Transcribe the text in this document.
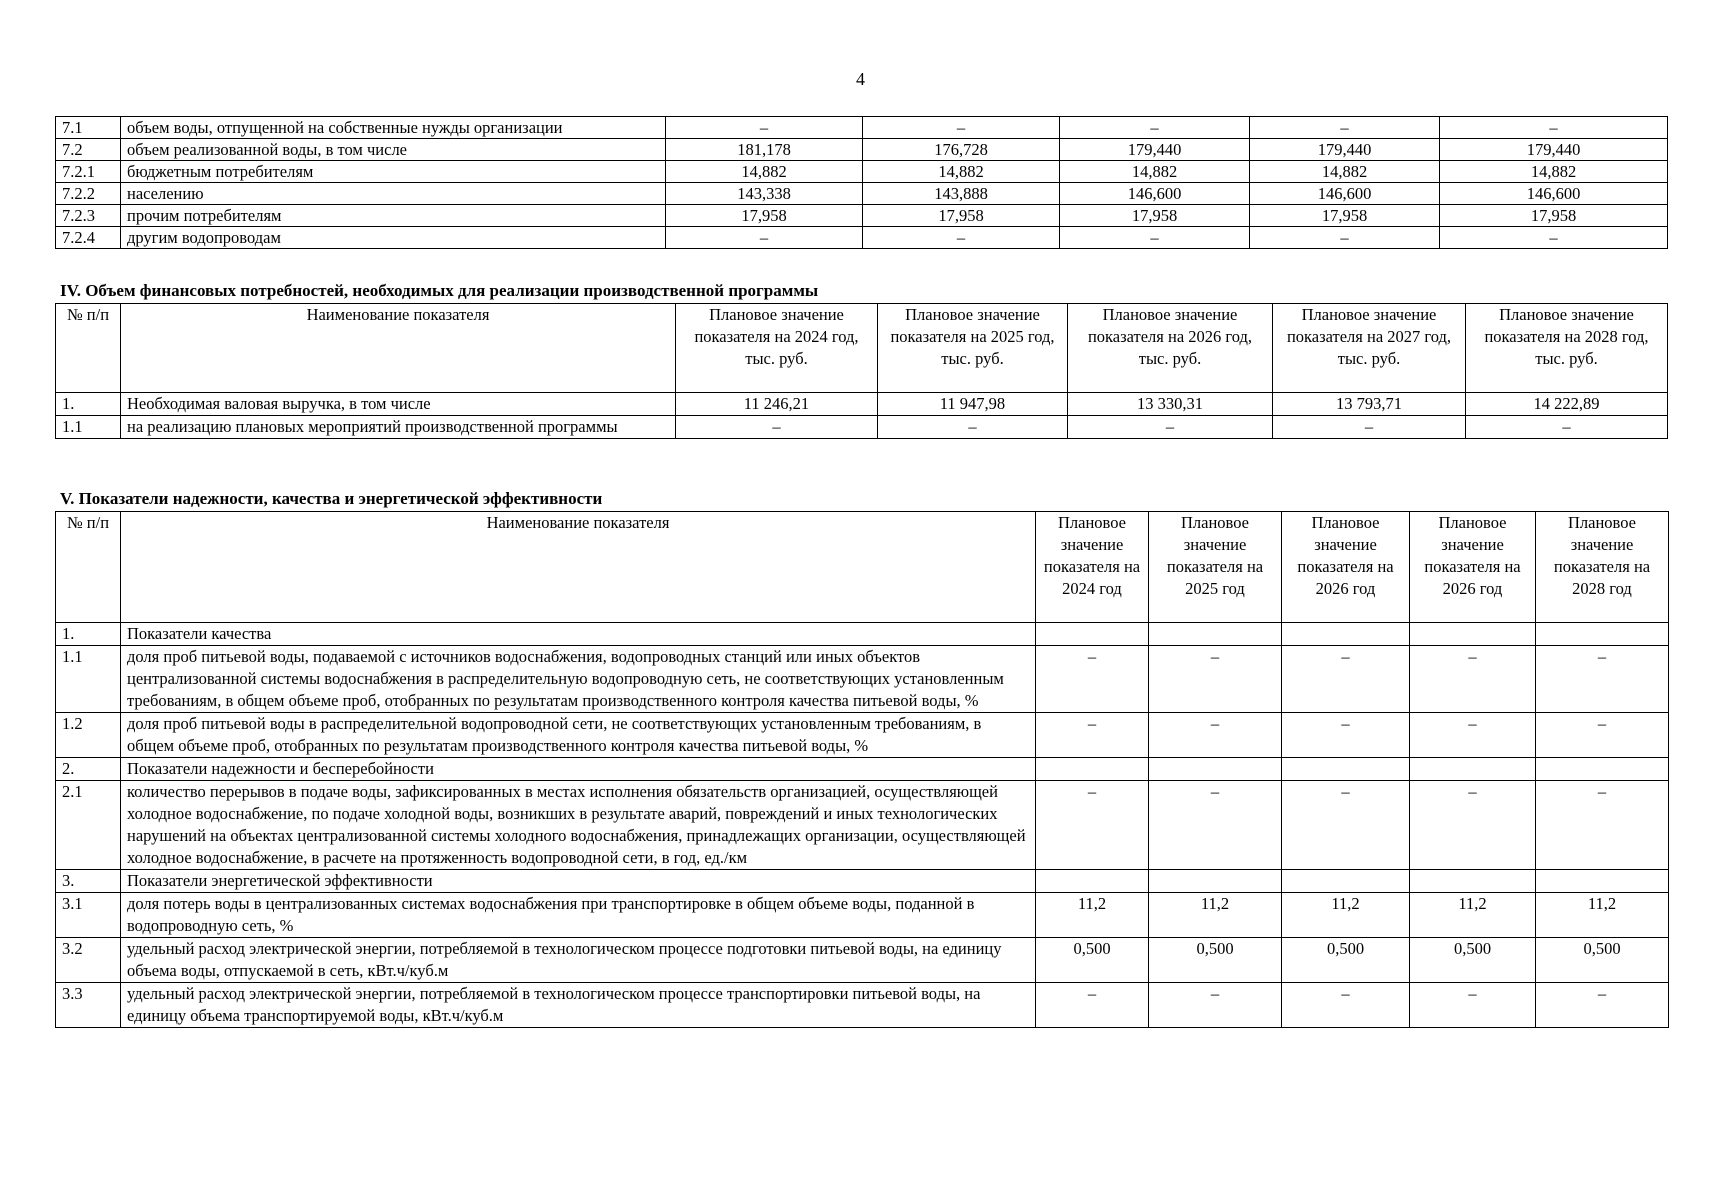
4
7.1	объем воды, отпущенной на собственные нужды организации	–	–	–	–	–
7.2	объем реализованной воды, в том числе	181,178	176,728	179,440	179,440	179,440
7.2.1	бюджетным потребителям	14,882	14,882	14,882	14,882	14,882
7.2.2	населению	143,338	143,888	146,600	146,600	146,600
7.2.3	прочим потребителям	17,958	17,958	17,958	17,958	17,958
7.2.4	другим водопроводам	–	–	–	–	–
IV. Объем финансовых потребностей, необходимых для реализации производственной программы
№ п/п	Наименование показателя	Плановое значение показателя на 2024 год, тыс. руб.	Плановое значение показателя на 2025 год, тыс. руб.	Плановое значение показателя на 2026 год, тыс. руб.	Плановое значение показателя на 2027 год, тыс. руб.	Плановое значение показателя на 2028 год, тыс. руб.
1.	Необходимая валовая выручка, в том числе	11 246,21	11 947,98	13 330,31	13 793,71	14 222,89
1.1	на реализацию плановых мероприятий производственной программы	–	–	–	–	–
V. Показатели надежности, качества и энергетической эффективности
№ п/п	Наименование показателя	Плановое значение показателя на 2024 год	Плановое значение показателя на 2025 год	Плановое значение показателя на 2026 год	Плановое значение показателя на 2026 год	Плановое значение показателя на 2028 год
1.	Показатели качества					
1.1	доля проб питьевой воды, подаваемой с источников водоснабжения, водопроводных станций или иных объектов централизованной системы водоснабжения в распределительную водопроводную сеть, не соответствующих установленным требованиям, в общем объеме проб, отобранных по результатам производственного контроля качества питьевой воды, %	–	–	–	–	–
1.2	доля проб питьевой воды в распределительной водопроводной сети, не соответствующих установленным требованиям, в общем объеме проб, отобранных по результатам производственного контроля качества питьевой воды, %	–	–	–	–	–
2.	Показатели надежности и бесперебойности					
2.1	количество перерывов в подаче воды, зафиксированных в местах исполнения обязательств организацией, осуществляющей холодное водоснабжение, по подаче холодной воды, возникших в результате аварий, повреждений и иных технологических нарушений на объектах централизованной системы холодного водоснабжения, принадлежащих организации, осуществляющей холодное водоснабжение, в расчете на протяженность водопроводной сети, в год, ед./км	–	–	–	–	–
3.	Показатели энергетической эффективности					
3.1	доля потерь воды в централизованных системах водоснабжения при транспортировке в общем объеме воды, поданной в водопроводную сеть, %	11,2	11,2	11,2	11,2	11,2
3.2	удельный расход электрической энергии, потребляемой в технологическом процессе подготовки питьевой воды, на единицу объема воды, отпускаемой в сеть, кВт.ч/куб.м	0,500	0,500	0,500	0,500	0,500
3.3	удельный расход электрической энергии, потребляемой в технологическом процессе транспортировки питьевой воды, на единицу объема транспортируемой воды, кВт.ч/куб.м	–	–	–	–	–
